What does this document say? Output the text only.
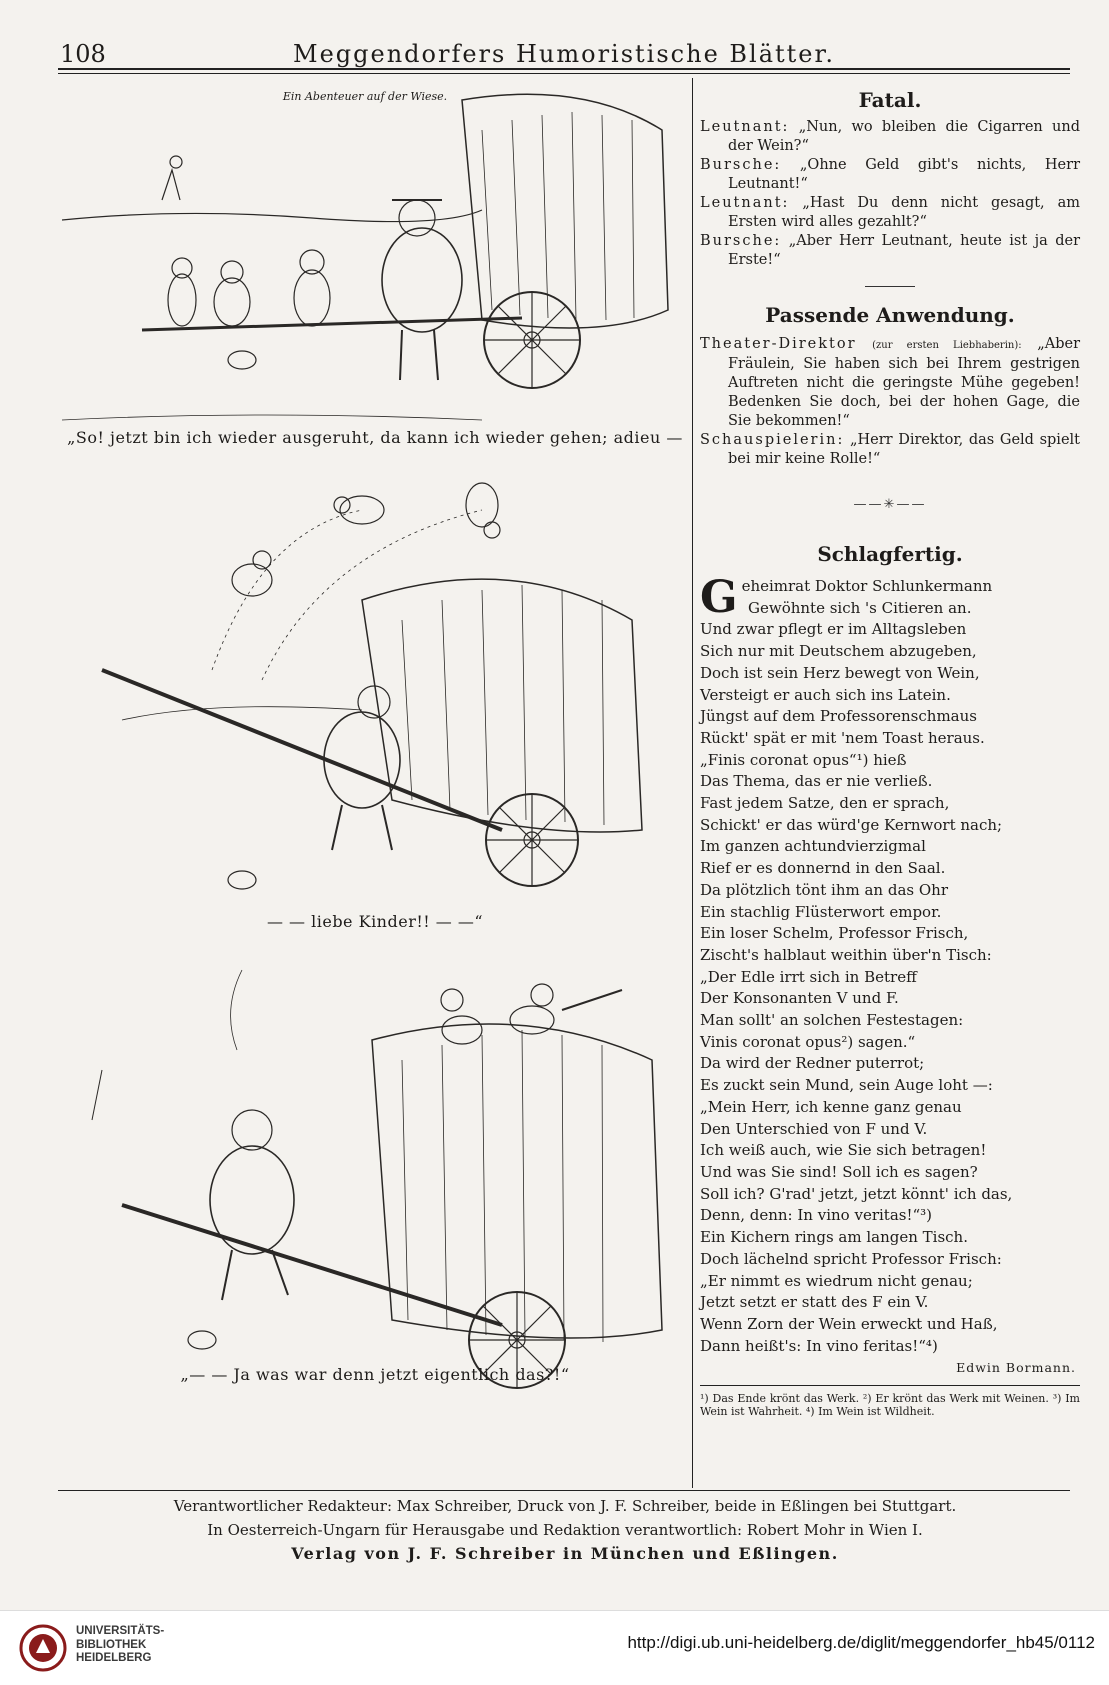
108	Meggendorfers Humoristische Blätter.
Ein Abenteuer auf der Wiese.
„So! jetzt bin ich wieder ausgeruht, da kann ich wieder gehen; adieu —
— — liebe Kinder!! — —“
„— — Ja was war denn jetzt eigentlich das?!“
Fatal.
Leutnant: „Nun, wo bleiben die Cigarren und der Wein?“
Bursche: „Ohne Geld gibt's nichts, Herr Leutnant!“
Leutnant: „Hast Du denn nicht gesagt, am Ersten wird alles gezahlt?“
Bursche: „Aber Herr Leutnant, heute ist ja der Erste!“
Passende Anwendung.
Theater-Direktor (zur ersten Liebhaberin): „Aber Fräulein, Sie haben sich bei Ihrem gestrigen Auftreten nicht die geringste Mühe gegeben! Bedenken Sie doch, bei der hohen Gage, die Sie bekommen!“
Schauspielerin: „Herr Direktor, das Geld spielt bei mir keine Rolle!“
——✳——
Schlagfertig.
Geheimrat Doktor Schlunkermann
Gewöhnte sich 's Citieren an.
Und zwar pflegt er im Alltagsleben
Sich nur mit Deutschem abzugeben,
Doch ist sein Herz bewegt von Wein,
Versteigt er auch sich ins Latein.
Jüngst auf dem Professorenschmaus
Rückt' spät er mit 'nem Toast heraus.
„Finis coronat opus“¹) hieß
Das Thema, das er nie verließ.
Fast jedem Satze, den er sprach,
Schickt' er das würd'ge Kernwort nach;
Im ganzen achtundvierzigmal
Rief er es donnernd in den Saal.
Da plötzlich tönt ihm an das Ohr
Ein stachlig Flüsterwort empor.
Ein loser Schelm, Professor Frisch,
Zischt's halblaut weithin über'n Tisch:
„Der Edle irrt sich in Betreff
Der Konsonanten V und F.
Man sollt' an solchen Festestagen:
Vinis coronat opus²) sagen.“
Da wird der Redner puterrot;
Es zuckt sein Mund, sein Auge loht —:
„Mein Herr, ich kenne ganz genau
Den Unterschied von F und V.
Ich weiß auch, wie Sie sich betragen!
Und was Sie sind! Soll ich es sagen?
Soll ich? G'rad' jetzt, jetzt könnt' ich das,
Denn, denn: In vino veritas!“³)
Ein Kichern rings am langen Tisch.
Doch lächelnd spricht Professor Frisch:
„Er nimmt es wiedrum nicht genau;
Jetzt setzt er statt des F ein V.
Wenn Zorn der Wein erweckt und Haß,
Dann heißt's: In vino feritas!“⁴)
Edwin Bormann.
¹) Das Ende krönt das Werk. ²) Er krönt das Werk mit Weinen. ³) Im Wein ist Wahrheit. ⁴) Im Wein ist Wildheit.
Verantwortlicher Redakteur: Max Schreiber, Druck von J. F. Schreiber, beide in Eßlingen bei Stuttgart.
In Oesterreich-Ungarn für Herausgabe und Redaktion verantwortlich: Robert Mohr in Wien I.
Verlag von J. F. Schreiber in München und Eßlingen.
UNIVERSITÄTS-
BIBLIOTHEK
HEIDELBERG
http://digi.ub.uni-heidelberg.de/diglit/meggendorfer_hb45/0112
